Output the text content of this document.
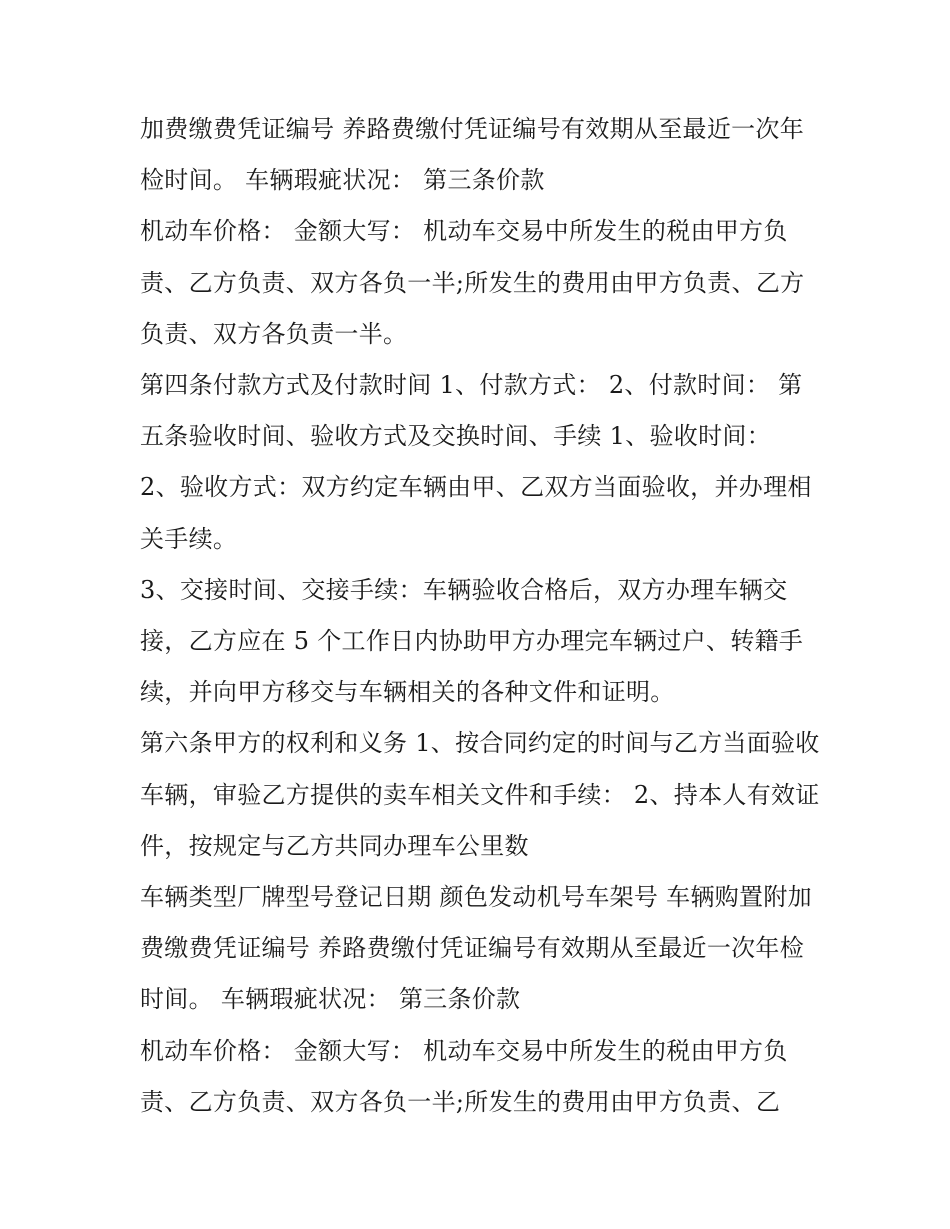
加费缴费凭证编号 养路费缴付凭证编号有效期从至最近一次年检时间。 车辆瑕疵状况： 第三条价款

机动车价格： 金额大写： 机动车交易中所发生的税由甲方负责、乙方负责、双方各负一半;所发生的费用由甲方负责、乙方负责、双方各负责一半。

第四条付款方式及付款时间 1、付款方式： 2、付款时间： 第五条验收时间、验收方式及交换时间、手续 1、验收时间：

2、验收方式：双方约定车辆由甲、乙双方当面验收，并办理相关手续。

3、交接时间、交接手续：车辆验收合格后，双方办理车辆交接，乙方应在 5 个工作日内协助甲方办理完车辆过户、转籍手续，并向甲方移交与车辆相关的各种文件和证明。

第六条甲方的权利和义务 1、按合同约定的时间与乙方当面验收车辆，审验乙方提供的卖车相关文件和手续： 2、持本人有效证件，按规定与乙方共同办理车公里数

车辆类型厂牌型号登记日期 颜色发动机号车架号 车辆购置附加费缴费凭证编号 养路费缴付凭证编号有效期从至最近一次年检时间。 车辆瑕疵状况： 第三条价款

机动车价格： 金额大写： 机动车交易中所发生的税由甲方负责、乙方负责、双方各负一半;所发生的费用由甲方负责、乙
